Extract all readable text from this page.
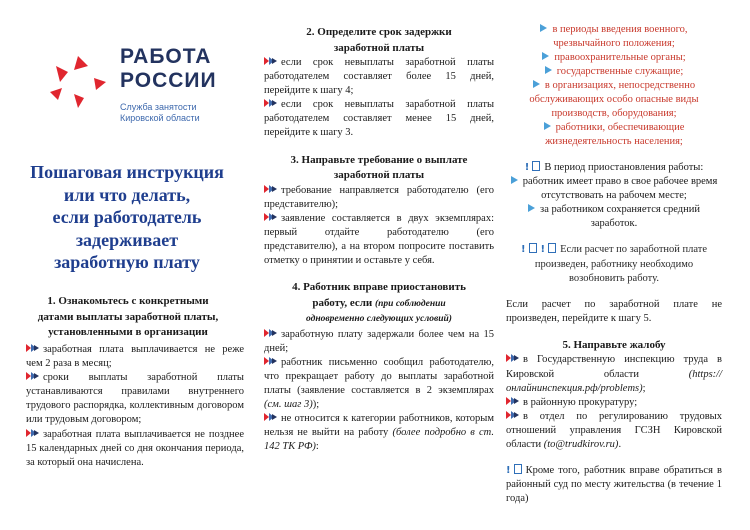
РАБОТА
РОССИИ
Служба занятости
Кировской области
Пошаговая инструкция
или что делать,
если работодатель
задерживает
заработную плату
1. Ознакомьтесь с конкретными
датами выплаты заработной платы,
установленными в организации

заработная плата выплачивается не реже чем 2 раза в месяц;

сроки выплаты заработной платы устанавливаются правилами внутреннего трудового распорядка, коллективным договором или трудовым договором;

заработная плата выплачивается не позднее 15 календарных дней со дня окончания периода, за который она начислена.

2. Определите срок задержки
заработной платы

если срок невыплаты заработной платы работодателем составляет более 15 дней, перейдите к шагу 4;

если срок невыплаты заработной платы работодателем составляет менее 15 дней, перейдите к шагу 3.

3. Направьте требование о выплате
заработной платы

требование направляется работодателю (его представителю);

заявление составляется в двух экземплярах: первый отдайте работодателю (его представителю), а на втором попросите поставить отметку о принятии и оставьте у себя.

4. Работник вправе приостановить
работу, если (при соблюдении
одновременно следующих условий)

заработную плату задержали более чем на 15 дней;

работник письменно сообщил работодателю, что прекращает работу до выплаты заработной платы (заявление составляется в 2 экземплярах (см. шаг 3));

не относится к категории работников, которым нельзя не выйти на работу (более подробно в ст. 142 ТК РФ):

в периоды введения военного, чрезвычайного положения;

правоохранительные органы;

государственные служащие;

в организациях, непосредственно обслуживающих особо опасные виды производств, оборудования;

работники, обеспечивающие жизнедеятельность населения;

! В период приостановления работы:

работник имеет право в свое рабочее время отсутствовать на рабочем месте;

за работником сохраняется средний заработок.

! ! Если расчет по заработной плате произведен, работнику необходимо возобновить работу.
Если расчет по заработной плате не произведен, перейдите к шагу 5.
5. Направьте жалобу

в Государственную инспекцию труда в Кировской области	(https://онлайнинспекция.рф/problems);

в районную прокуратуру;

в отдел по регулированию трудовых отношений управления ГСЗН Кировской области (to@trudkirov.ru).

! Кроме того, работник вправе обратиться в районный суд по месту жительства (в течение 1 года)
